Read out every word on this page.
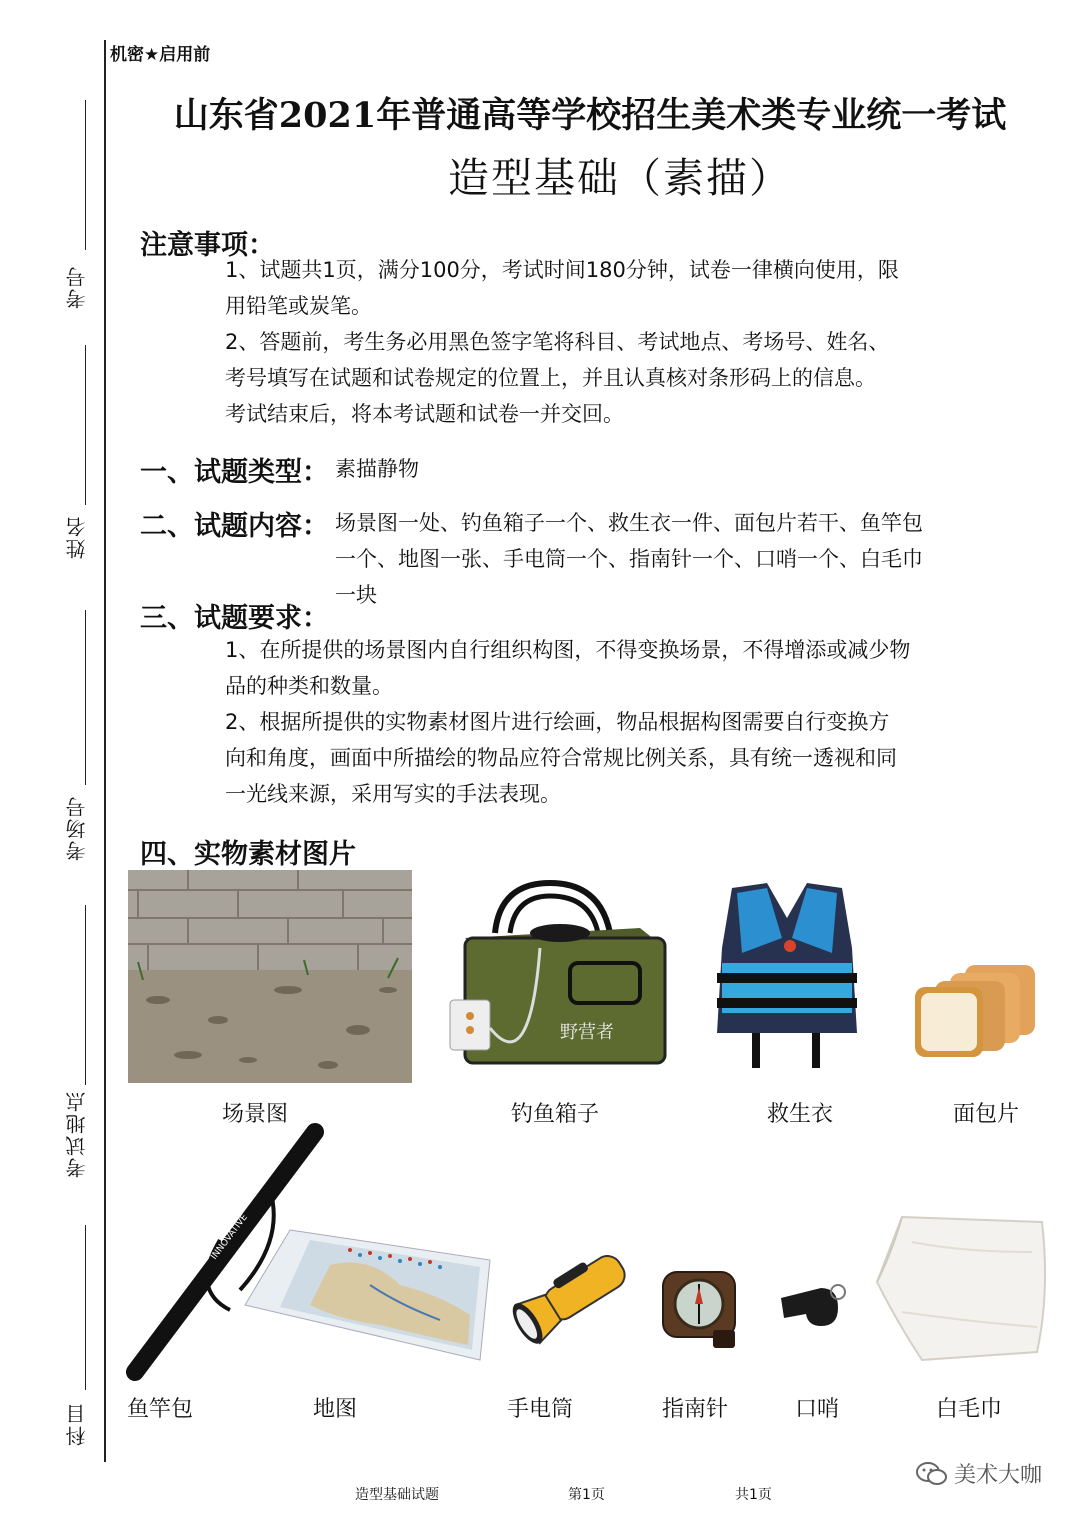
考号
姓名
考场号
考试地点
科目
机密★启用前
山东省2021年普通高等学校招生美术类专业统一考试
造型基础（素描）
注意事项：
1、试题共1页，满分100分，考试时间180分钟，试卷一律横向使用，限
用铅笔或炭笔。
2、答题前，考生务必用黑色签字笔将科目、考试地点、考场号、姓名、
考号填写在试题和试卷规定的位置上，并且认真核对条形码上的信息。
考试结束后，将本考试题和试卷一并交回。
一、试题类型： 素描静物
二、试题内容： 场景图一处、钓鱼箱子一个、救生衣一件、面包片若干、鱼竿包
一个、地图一张、手电筒一个、指南针一个、口哨一个、白毛巾
一块
三、试题要求：
1、在所提供的场景图内自行组织构图，不得变换场景，不得增添或减少物
品的种类和数量。
2、根据所提供的实物素材图片进行绘画，物品根据构图需要自行变换方
向和角度，画面中所描绘的物品应符合常规比例关系，具有统一透视和同
一光线来源，采用写实的手法表现。
四、实物素材图片
野营者
场景图	钓鱼箱子	救生衣	面包片
INNOVATIVE
鱼竿包	地图	手电筒	指南针	口哨	白毛巾
造型基础试题	第1页	共1页
美术大咖
